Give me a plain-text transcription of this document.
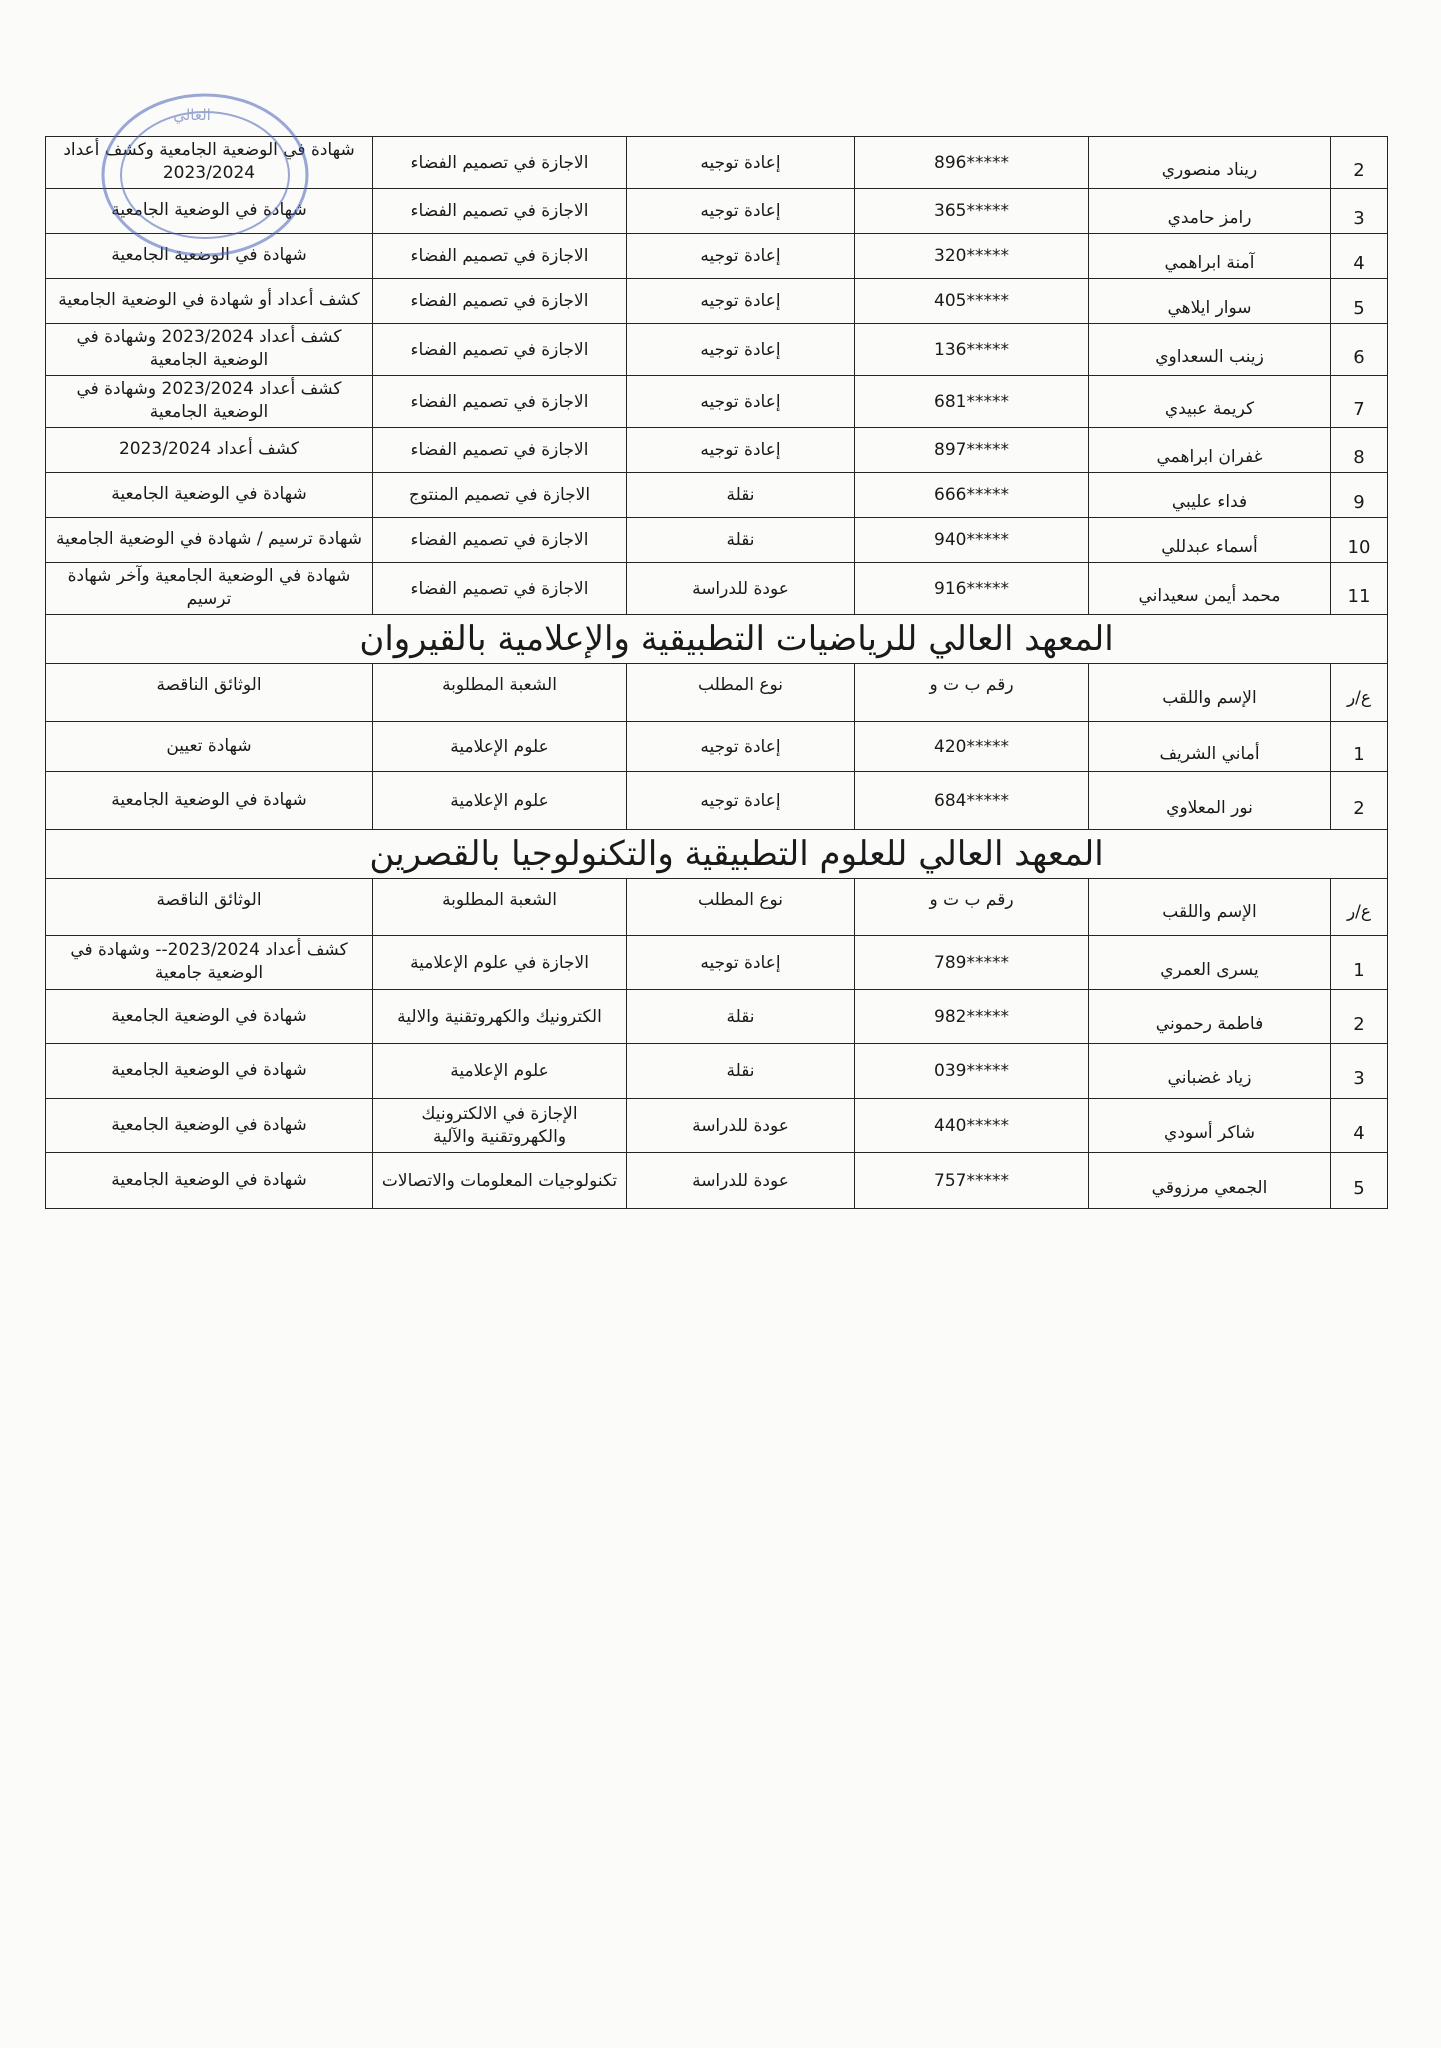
2	ريناد منصوري	896*****	إعادة توجيه	الاجازة في تصميم الفضاء	شهادة في الوضعية الجامعية وكشف أعداد 2023/2024
3	رامز حامدي	365*****	إعادة توجيه	الاجازة في تصميم الفضاء	شهادة في الوضعية الجامعية
4	آمنة ابراهمي	320*****	إعادة توجيه	الاجازة في تصميم الفضاء	شهادة في الوضعية الجامعية
5	سوار ايلاهي	405*****	إعادة توجيه	الاجازة في تصميم الفضاء	كشف أعداد أو شهادة في الوضعية الجامعية
6	زينب السعداوي	136*****	إعادة توجيه	الاجازة في تصميم الفضاء	كشف أعداد 2023/2024 وشهادة في الوضعية الجامعية
7	كريمة عبيدي	681*****	إعادة توجيه	الاجازة في تصميم الفضاء	كشف أعداد 2023/2024 وشهادة في الوضعية الجامعية
8	غفران ابراهمي	897*****	إعادة توجيه	الاجازة في تصميم الفضاء	كشف أعداد 2023/2024
9	فداء عليبي	666*****	نقلة	الاجازة في تصميم المنتوج	شهادة في الوضعية الجامعية
10	أسماء عبدللي	940*****	نقلة	الاجازة في تصميم الفضاء	شهادة ترسيم / شهادة في الوضعية الجامعية
11	محمد أيمن سعيداني	916*****	عودة للدراسة	الاجازة في تصميم الفضاء	شهادة في الوضعية الجامعية وآخر شهادة ترسيم
المعهد العالي للرياضيات التطبيقية والإعلامية بالقيروان					
ع/ر	الإسم واللقب	رقم ب ت و	نوع المطلب	الشعبة المطلوبة	الوثائق الناقصة
1	أماني الشريف	420*****	إعادة توجيه	علوم الإعلامية	شهادة تعيين
2	نور المعلاوي	684*****	إعادة توجيه	علوم الإعلامية	شهادة في الوضعية الجامعية
المعهد العالي للعلوم التطبيقية والتكنولوجيا بالقصرين					
ع/ر	الإسم واللقب	رقم ب ت و	نوع المطلب	الشعبة المطلوبة	الوثائق الناقصة
1	يسرى العمري	789*****	إعادة توجيه	الاجازة في علوم الإعلامية	كشف أعداد 2023/2024-- وشهادة في الوضعية جامعية
2	فاطمة رحموني	982*****	نقلة	الكترونيك والكهروتقنية والالية	شهادة في الوضعية الجامعية
3	زياد غضباني	039*****	نقلة	علوم الإعلامية	شهادة في الوضعية الجامعية
4	شاكر أسودي	440*****	عودة للدراسة	الإجازة في الالكترونيك والكهروتقنية والآلية	شهادة في الوضعية الجامعية
5	الجمعي مرزوقي	757*****	عودة للدراسة	تكنولوجيات المعلومات والاتصالات	شهادة في الوضعية الجامعية
العالي
